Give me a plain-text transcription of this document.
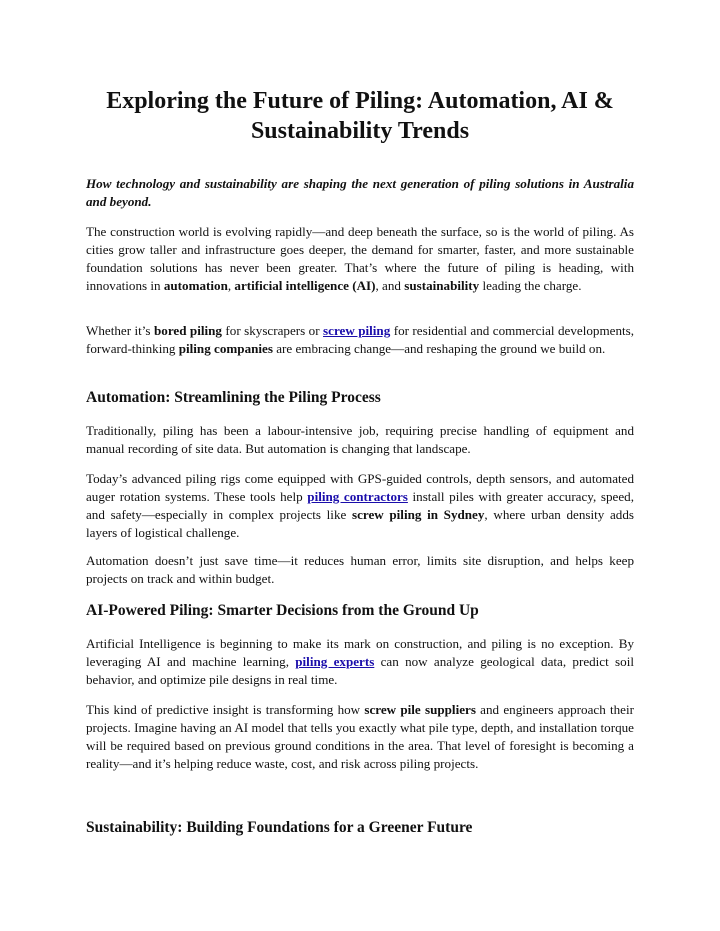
Exploring the Future of Piling: Automation, AI & Sustainability Trends

How technology and sustainability are shaping the next generation of piling solutions in Australia and beyond.

The construction world is evolving rapidly—and deep beneath the surface, so is the world of piling. As cities grow taller and infrastructure goes deeper, the demand for smarter, faster, and more sustainable foundation solutions has never been greater. That’s where the future of piling is heading, with innovations in automation, artificial intelligence (AI), and sustainability leading the charge.

Whether it’s bored piling for skyscrapers or screw piling for residential and commercial developments, forward-thinking piling companies are embracing change—and reshaping the ground we build on.

Automation: Streamlining the Piling Process

Traditionally, piling has been a labour-intensive job, requiring precise handling of equipment and manual recording of site data. But automation is changing that landscape.

Today’s advanced piling rigs come equipped with GPS-guided controls, depth sensors, and automated auger rotation systems. These tools help piling contractors install piles with greater accuracy, speed, and safety—especially in complex projects like screw piling in Sydney, where urban density adds layers of logistical challenge.

Automation doesn’t just save time—it reduces human error, limits site disruption, and helps keep projects on track and within budget.

AI-Powered Piling: Smarter Decisions from the Ground Up

Artificial Intelligence is beginning to make its mark on construction, and piling is no exception. By leveraging AI and machine learning, piling experts can now analyze geological data, predict soil behavior, and optimize pile designs in real time.

This kind of predictive insight is transforming how screw pile suppliers and engineers approach their projects. Imagine having an AI model that tells you exactly what pile type, depth, and installation torque will be required based on previous ground conditions in the area. That level of foresight is becoming a reality—and it’s helping reduce waste, cost, and risk across piling projects.

Sustainability: Building Foundations for a Greener Future
